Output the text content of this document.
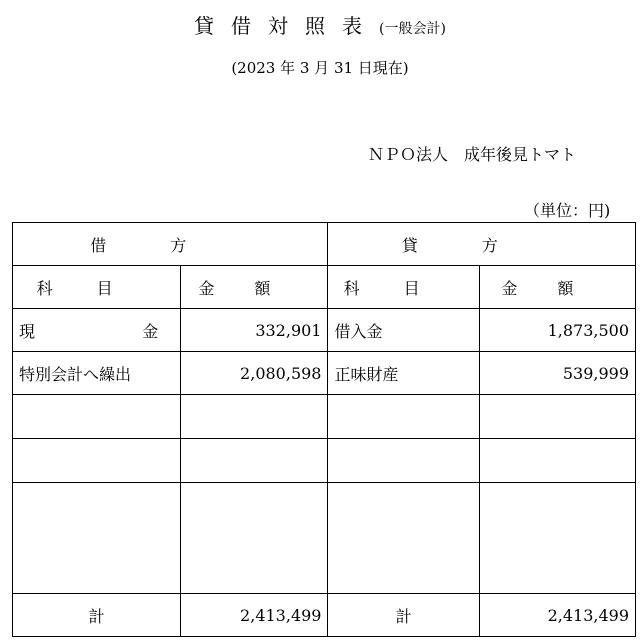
貸借対照表(一般会計)
(2023 年 3 月 31 日現在)
ＮＰＯ法人　成年後見トマト
（単位：円)
借方		貸方	
科目	金額	科目	金額

現 金	332,901	借入金	1,873,500
特別会計へ繰出	2,080,598	正味財産	539,999

計	2,413,499	計	2,413,499
